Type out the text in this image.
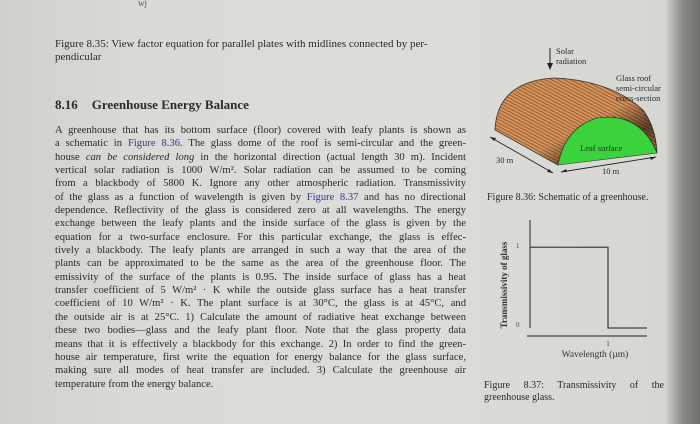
wj
Figure 8.35: View factor equation for parallel plates with midlines connected by per-pendicular
8.16 Greenhouse Energy Balance
A greenhouse that has its bottom surface (floor) covered with leafy plants is shown as
a schematic in Figure 8.36. The glass dome of the roof is semi-circular and the green-
house can be considered long in the horizontal direction (actual length 30 m). Incident
vertical solar radiation is 1000 W/m². Solar radiation can be assumed to be coming
from a blackbody of 5800 K. Ignore any other atmospheric radiation. Transmissivity
of the glass as a function of wavelength is given by Figure 8.37 and has no directional
dependence. Reflectivity of the glass is considered zero at all wavelengths. The energy
exchange between the leafy plants and the inside surface of the glass is given by the
equation for a two-surface enclosure. For this particular exchange, the glass is effec-
tively a blackbody. The leafy plants are arranged in such a way that the area of the
plants can be approximated to be the same as the area of the greenhouse floor. The
emissivity of the surface of the plants is 0.95. The inside surface of glass has a heat
transfer coefficient of 5 W/m² · K while the outside glass surface has a heat transfer
coefficient of 10 W/m² · K. The plant surface is at 30°C, the glass is at 45°C, and
the outside air is at 25°C. 1) Calculate the amount of radiative heat exchange between
these two bodies—glass and the leafy plant floor. Note that the glass property data
means that it is effectively a blackbody for this exchange. 2) In order to find the green-
house air temperature, first write the equation for energy balance for the glass surface,
making sure all modes of heat transfer are included. 3) Calculate the greenhouse air
temperature from the energy balance.
Solar
radiation
Glass roof
semi-circular
cross-section
Leaf surface
30 m
10 m
Figure 8.36: Schematic of a greenhouse.
1
0
1
Wavelength (µm)
Transmissivity of glass
Figure 8.37: Transmissivity of the
greenhouse glass.
